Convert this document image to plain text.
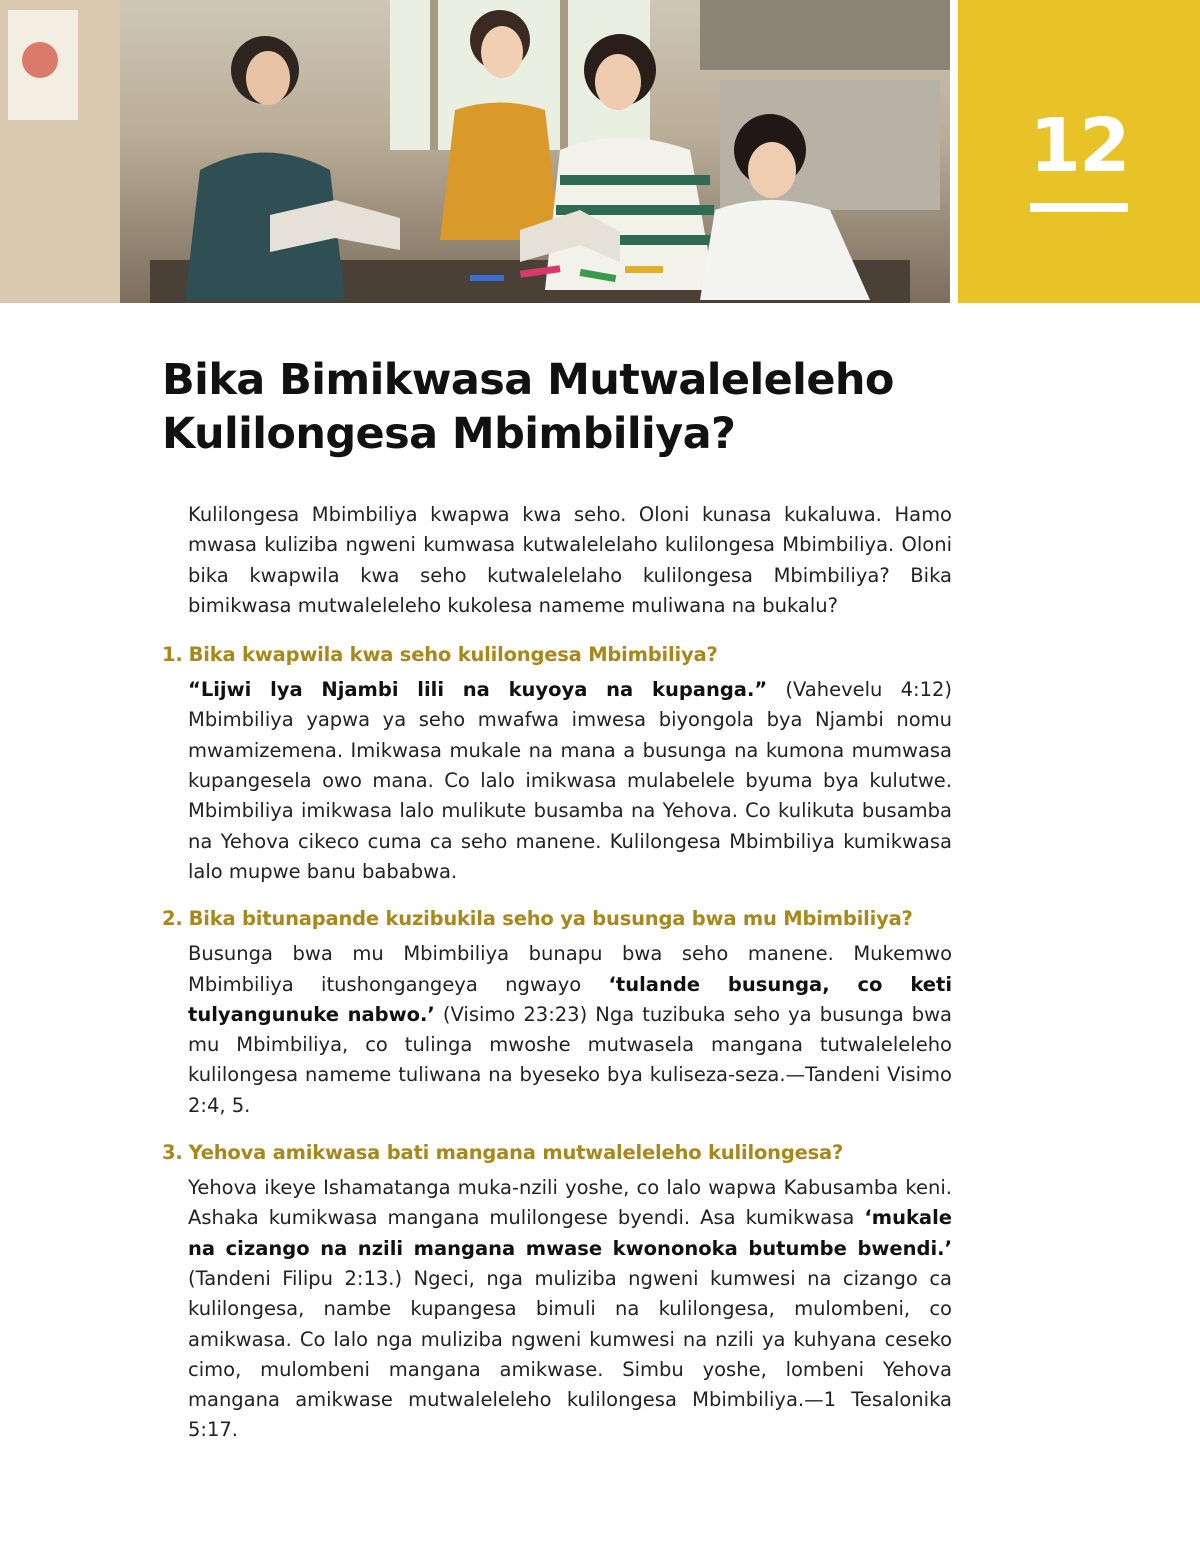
12
Bika Bimikwasa Mutwaleleleho
Kulilongesa Mbimbiliya?

Kulilongesa Mbimbiliya kwapwa kwa seho. Oloni kunasa kukaluwa. Hamo mwasa kuliziba ngweni kumwasa kutwalelelaho kulilongesa Mbimbiliya. Oloni bika kwapwila kwa seho kutwalelelaho kulilongesa Mbimbiliya? Bika bimikwasa mutwaleleleho kukolesa nameme muliwana na bukalu?

1. Bika kwapwila kwa seho kulilongesa Mbimbiliya?

“Lijwi lya Njambi lili na kuyoya na kupanga.” (Vahevelu 4:12) Mbimbiliya yapwa ya seho mwafwa imwesa biyongola bya Njambi nomu mwamizemena. Imikwasa mukale na mana a busunga na kumona mumwasa kupangesela owo mana. Co lalo imikwasa mulabelele byuma bya kulutwe. Mbimbiliya imikwasa lalo mulikute busamba na Yehova. Co kulikuta busamba na Yehova cikeco cuma ca seho manene. Kulilongesa Mbimbiliya kumikwasa lalo mupwe banu bababwa.

2. Bika bitunapande kuzibukila seho ya busunga bwa mu Mbimbiliya?

Busunga bwa mu Mbimbiliya bunapu bwa seho manene. Mukemwo Mbimbiliya itushongangeya ngwayo ‘tulande busunga, co keti tulyangunuke nabwo.’ (Visimo 23:23) Nga tuzibuka seho ya busunga bwa mu Mbimbiliya, co tulinga mwoshe mutwasela mangana tutwaleleleho kulilongesa nameme tuliwana na byeseko bya kuliseza-seza.—Tandeni Visimo 2:4, 5.

3. Yehova amikwasa bati mangana mutwaleleleho kulilongesa?

Yehova ikeye Ishamatanga muka-nzili yoshe, co lalo wapwa Kabusamba keni. Ashaka kumikwasa mangana mulilongese byendi. Asa kumikwasa ‘mukale na cizango na nzili mangana mwase kwononoka butumbe bwendi.’ (Tandeni Filipu 2:13.) Ngeci, nga muliziba ngweni kumwesi na cizango ca kulilongesa, nambe kupangesa bimuli na kulilongesa, mulombeni, co amikwasa. Co lalo nga muliziba ngweni kumwesi na nzili ya kuhyana ceseko cimo, mulombeni mangana amikwase. Simbu yoshe, lombeni Yehova mangana amikwase mutwaleleleho kulilongesa Mbimbiliya.—1 Tesalonika 5:17.
